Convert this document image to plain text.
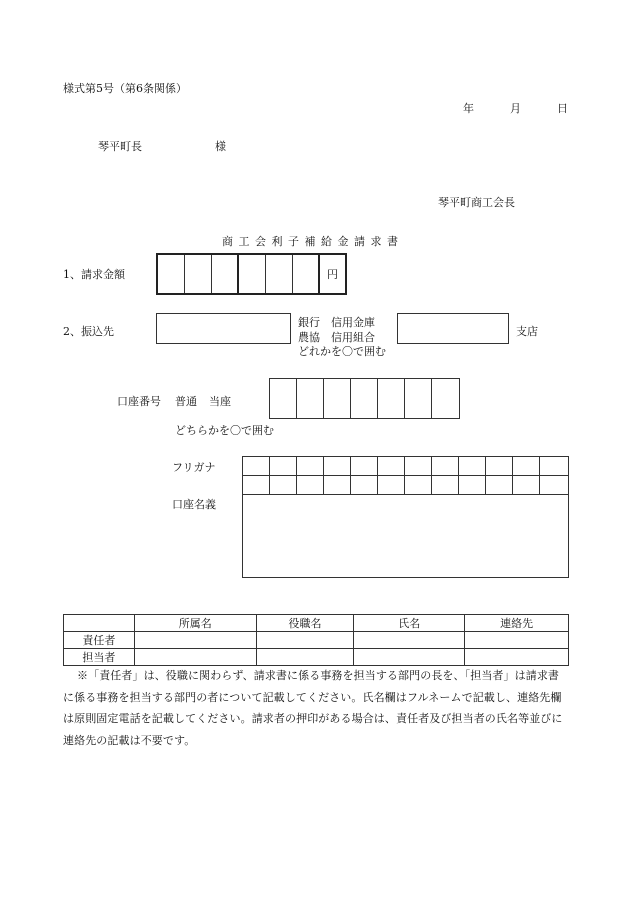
様式第5号（第6条関係）
年	月	日
琴平町長	様
琴平町商工会長
商 工 会 利 子 補 給 金 請 求 書
1、請求金額	円
2、振込先
銀行　信用金庫
農協　信用組合
どれかを〇で囲む
支店
口座番号 普通 当座
どちらかを〇で囲む
フリガナ
口座名義
	所属名	役職名	氏名	連絡先
責任者				
担当者				
※「責任者」は、役職に関わらず、請求書に係る事務を担当する部門の長を、「担当者」は請求書に係る事務を担当する部門の者について記載してください。氏名欄はフルネームで記載し、連絡先欄は原則固定電話を記載してください。請求者の押印がある場合は、責任者及び担当者の氏名等並びに連絡先の記載は不要です。
